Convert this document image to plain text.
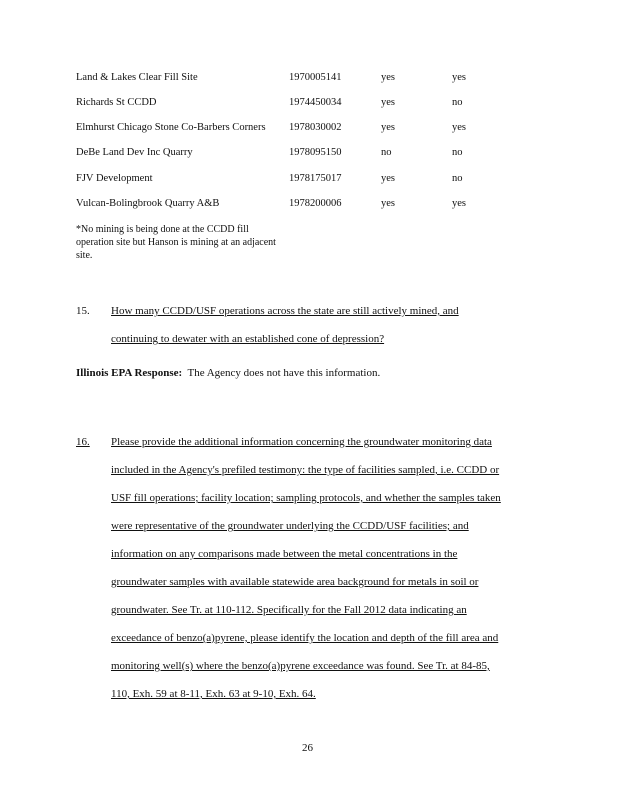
Land & Lakes Clear Fill Site	1970005141	yes	yes
Richards St CCDD	1974450034	yes	no
Elmhurst Chicago Stone Co-Barbers Corners 1978030002	yes	yes
DeBe Land Dev Inc Quarry	1978095150	no	no
FJV Development	1978175017	yes	no
Vulcan-Bolingbrook Quarry A&B	1978200006	yes	yes
*No mining is being done at the CCDD fill operation site but Hanson is mining at an adjacent site.
15. How many CCDD/USF operations across the state are still actively mined, and
continuing to dewater with an established cone of depression?
Illinois EPA Response: The Agency does not have this information.
16. Please provide the additional information concerning the groundwater monitoring data
included in the Agency's prefiled testimony: the type of facilities sampled, i.e. CCDD or
USF fill operations; facility location; sampling protocols, and whether the samples taken
were representative of the groundwater underlying the CCDD/USF facilities; and
information on any comparisons made between the metal concentrations in the
groundwater samples with available statewide area background for metals in soil or
groundwater. See Tr. at 110-112. Specifically for the Fall 2012 data indicating an
exceedance of benzo(a)pyrene, please identify the location and depth of the fill area and
monitoring well(s) where the benzo(a)pyrene exceedance was found. See Tr. at 84-85,
110, Exh. 59 at 8-11, Exh. 63 at 9-10, Exh. 64.
26
